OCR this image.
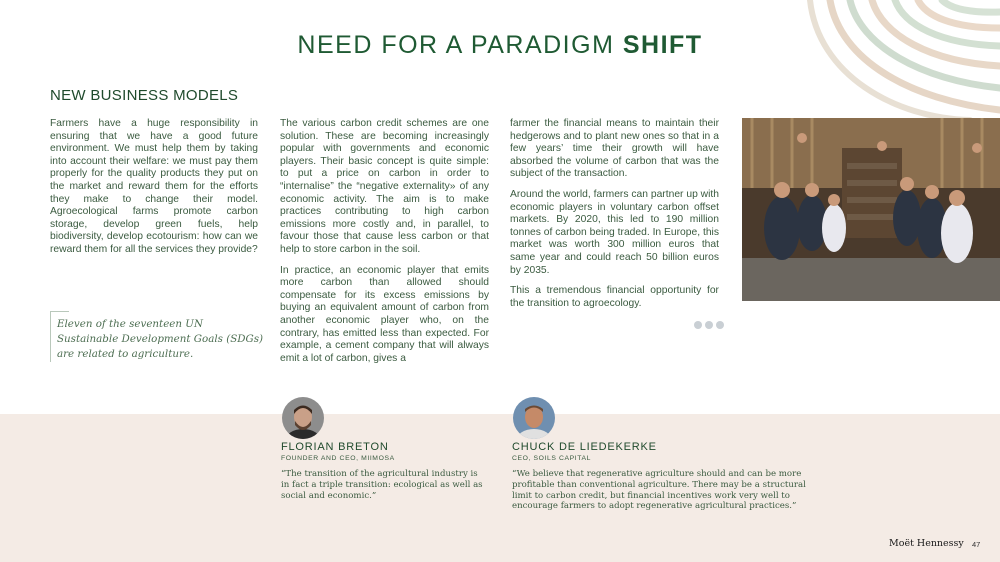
NEED FOR A PARADIGM SHIFT
NEW BUSINESS MODELS

Farmers have a huge responsibility in ensuring that we have a good future environment. We must help them by taking into account their welfare: we must pay them properly for the quality products they put on the market and reward them for the efforts they make to change their model. Agroecological farms promote carbon storage, develop green fuels, help biodiversity, develop ecotourism: how can we reward them for all the services they provide?

Eleven of the seventeen UN Sustainable Development Goals (SDGs) are related to agriculture.

The various carbon credit schemes are one solution. These are becoming increasingly popular with governments and economic players. Their basic concept is quite simple: to put a price on carbon in order to “internalise” the “negative externality» of any economic activity. The aim is to make practices contributing to high carbon emissions more costly and, in parallel, to favour those that cause less carbon or that help to store carbon in the soil.

In practice, an economic player that emits more carbon than allowed should compensate for its excess emissions by buying an equivalent amount of carbon from another economic player who, on the contrary, has emitted less than expected. For example, a cement company that will always emit a lot of carbon, gives a

farmer the financial means to maintain their hedgerows and to plant new ones so that in a few years’ time their growth will have absorbed the volume of carbon that was the subject of the transaction.

Around the world, farmers can partner up with economic players in voluntary carbon offset markets. By 2020, this led to 190 million tonnes of carbon being traded. In Europe, this market was worth 300 million euros that same year and could reach 50 billion euros by 2035.

This a tremendous financial opportunity for the transition to agroecology.

FLORIAN BRETON
FOUNDER AND CEO, MIIMOSA
“The transition of the agricultural industry is in fact a triple transition: ecological as well as social and economic.”
CHUCK DE LIEDEKERKE
CEO, SOILS CAPITAL
“We believe that regenerative agriculture should and can be more profitable than conventional agriculture. There may be a structural limit to carbon credit, but financial incentives work very well to encourage farmers to adopt regenerative agricultural practices.”
Moët Hennessy 47
